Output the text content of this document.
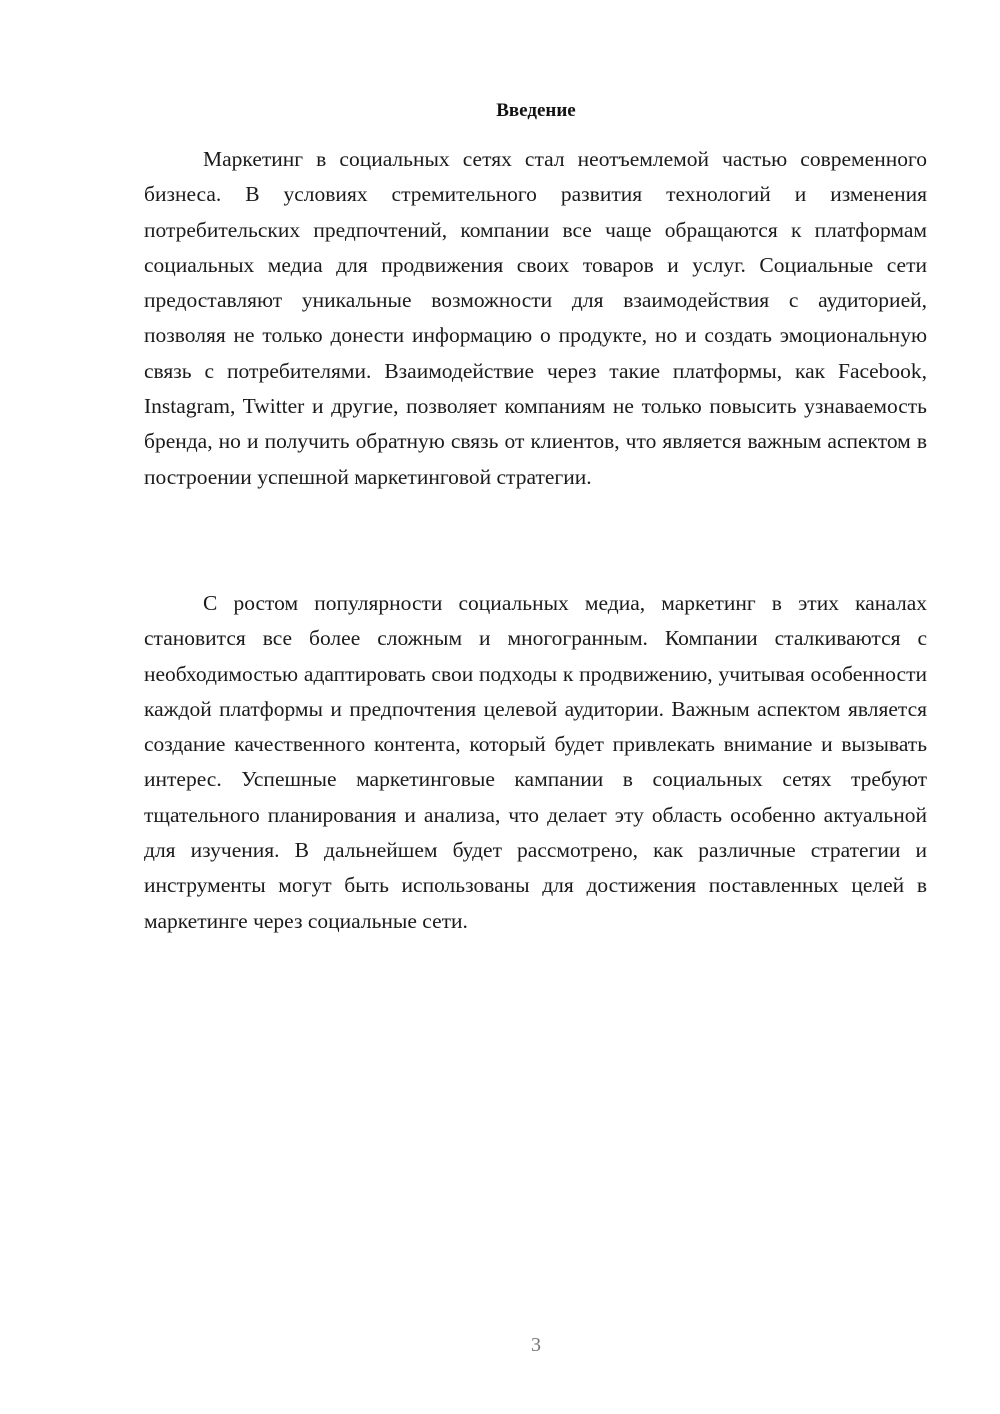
Введение

Маркетинг в социальных сетях стал неотъемлемой частью современного бизнеса. В условиях стремительного развития технологий и изменения потребительских предпочтений, компании все чаще обращаются к платформам социальных медиа для продвижения своих товаров и услуг. Социальные сети предоставляют уникальные возможности для взаимодействия с аудиторией, позволяя не только донести информацию о продукте, но и создать эмоциональную связь с потребителями. Взаимодействие через такие платформы, как Facebook, Instagram, Twitter и другие, позволяет компаниям не только повысить узнаваемость бренда, но и получить обратную связь от клиентов, что является важным аспектом в построении успешной маркетинговой стратегии.

С ростом популярности социальных медиа, маркетинг в этих каналах становится все более сложным и многогранным. Компании сталкиваются с необходимостью адаптировать свои подходы к продвижению, учитывая особенности каждой платформы и предпочтения целевой аудитории. Важным аспектом является создание качественного контента, который будет привлекать внимание и вызывать интерес. Успешные маркетинговые кампании в социальных сетях требуют тщательного планирования и анализа, что делает эту область особенно актуальной для изучения. В дальнейшем будет рассмотрено, как различные стратегии и инструменты могут быть использованы для достижения поставленных целей в маркетинге через социальные сети.

3
